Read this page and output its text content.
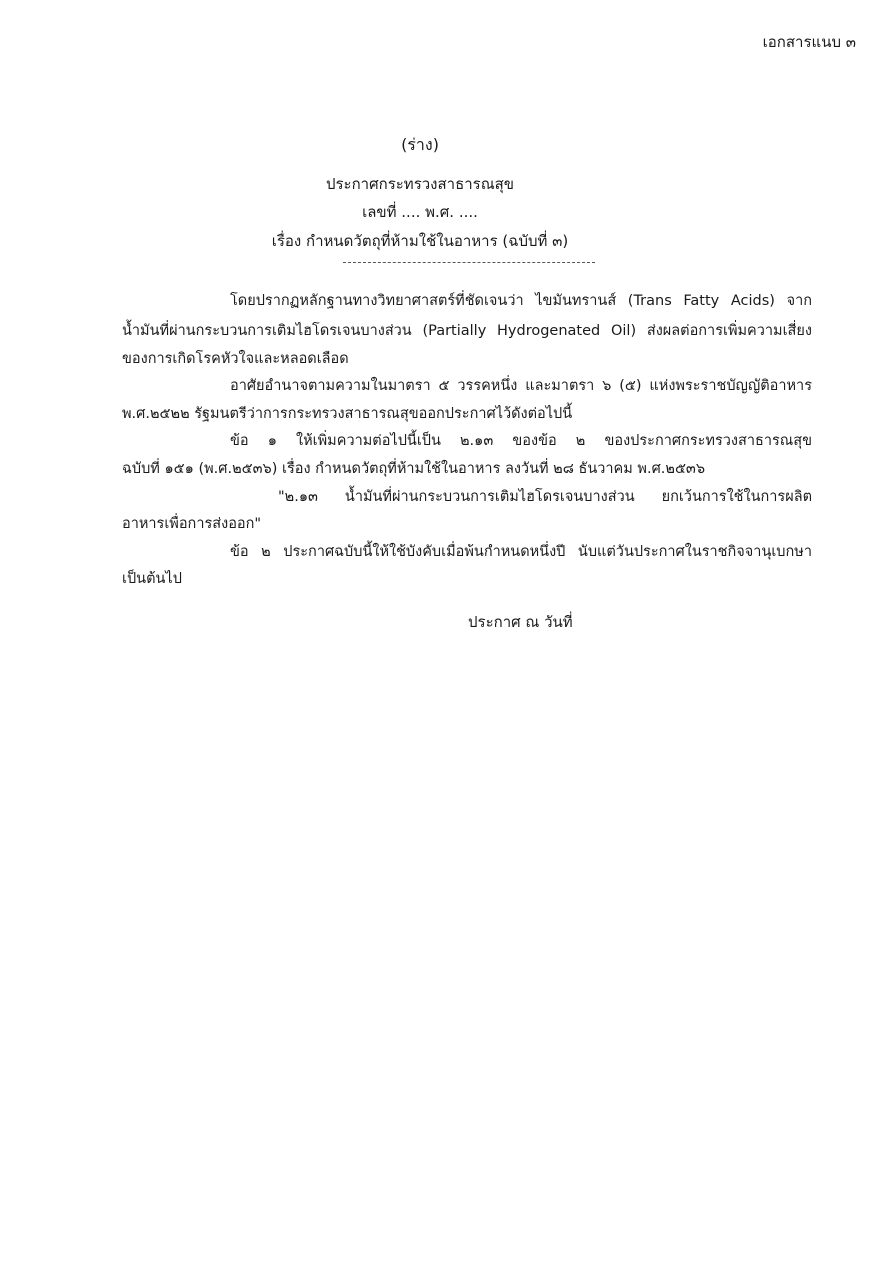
เอกสารแนบ ๓
(ร่าง)
ประกาศกระทรวงสาธารณสุข
เลขที่ .... พ.ศ. ....
เรื่อง กำหนดวัตถุที่ห้ามใช้ในอาหาร (ฉบับที่ ๓)
โดยปรากฏหลักฐานทางวิทยาศาสตร์ที่ชัดเจนว่า ไขมันทรานส์ (Trans Fatty Acids) จาก
น้ำมันที่ผ่านกระบวนการเติมไฮโดรเจนบางส่วน (Partially Hydrogenated Oil) ส่งผลต่อการเพิ่มความเสี่ยง
ของการเกิดโรคหัวใจและหลอดเลือด
อาศัยอำนาจตามความในมาตรา ๕ วรรคหนึ่ง และมาตรา ๖ (๕) แห่งพระราชบัญญัติอาหาร
พ.ศ.๒๕๒๒ รัฐมนตรีว่าการกระทรวงสาธารณสุขออกประกาศไว้ดังต่อไปนี้
ข้อ ๑ ให้เพิ่มความต่อไปนี้เป็น ๒.๑๓ ของข้อ ๒ ของประกาศกระทรวงสาธารณสุข
ฉบับที่ ๑๕๑ (พ.ศ.๒๕๓๖) เรื่อง กำหนดวัตถุที่ห้ามใช้ในอาหาร ลงวันที่ ๒๘ ธันวาคม พ.ศ.๒๕๓๖
"๒.๑๓ น้ำมันที่ผ่านกระบวนการเติมไฮโดรเจนบางส่วน ยกเว้นการใช้ในการผลิต
อาหารเพื่อการส่งออก"
ข้อ ๒ ประกาศฉบับนี้ให้ใช้บังคับเมื่อพ้นกำหนดหนึ่งปี นับแต่วันประกาศในราชกิจจานุเบกษา
เป็นต้นไป
ประกาศ ณ วันที่
